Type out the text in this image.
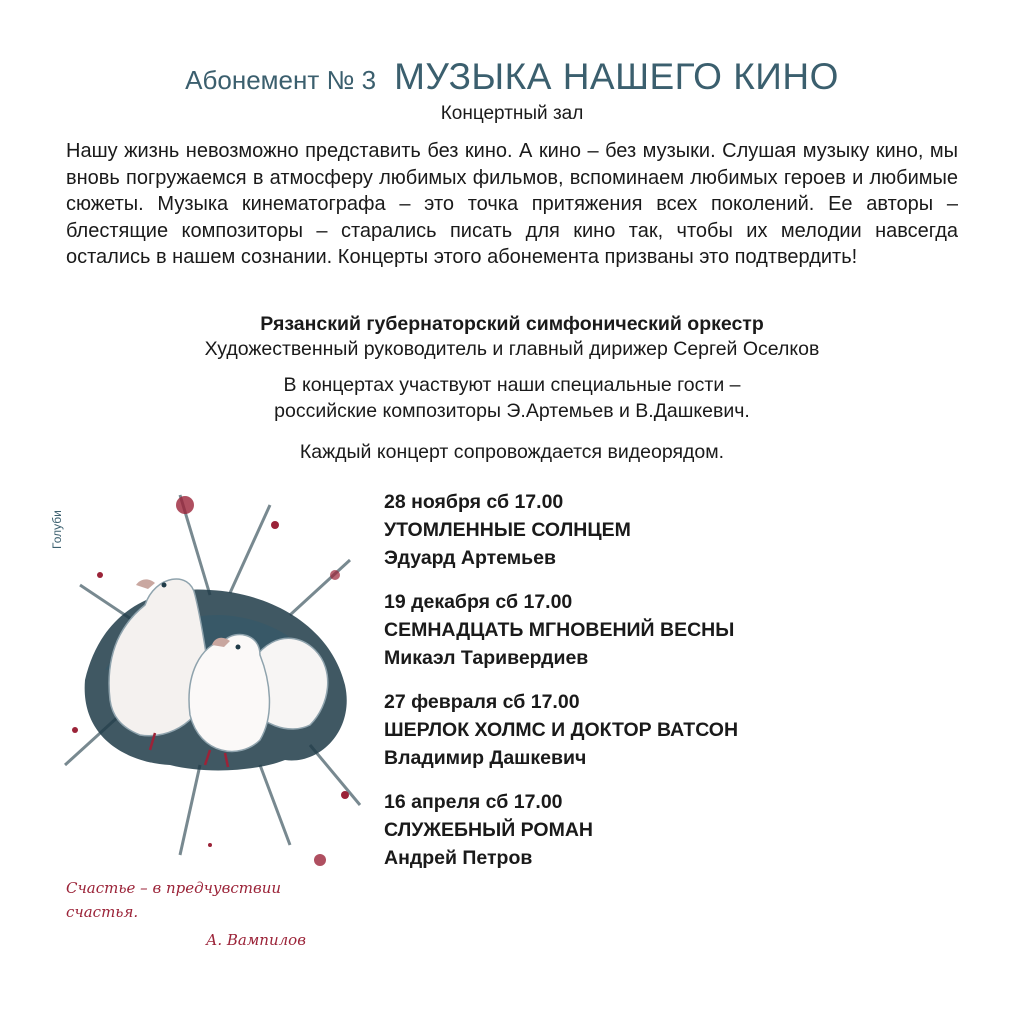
Абонемент № 3 МУЗЫКА НАШЕГО КИНО
Концертный зал

Нашу жизнь невозможно представить без кино. А кино – без музыки. Слушая музыку кино, мы вновь погружаемся в атмосферу любимых фильмов, вспоминаем любимых героев и любимые сюжеты. Музыка кинематографа – это точка притяжения всех поколений. Ее авторы – блестящие композиторы – старались писать для кино так, чтобы их мелодии навсегда остались в нашем сознании. Концерты этого абонемента призваны это подтвердить!

Рязанский губернаторский симфонический оркестр
Художественный руководитель и главный дирижер Сергей Оселков
В концертах участвуют наши специальные гости –
российские композиторы Э.Артемьев и В.Дашкевич.
Каждый концерт сопровождается видеорядом.
Голуби
28 ноября сб 17.00
УТОМЛЕННЫЕ СОЛНЦЕМ
Эдуард Артемьев
19 декабря сб 17.00
СЕМНАДЦАТЬ МГНОВЕНИЙ ВЕСНЫ
Микаэл Таривердиев
27 февраля сб 17.00
ШЕРЛОК ХОЛМС И ДОКТОР ВАТСОН
Владимир Дашкевич
16 апреля сб 17.00
СЛУЖЕБНЫЙ РОМАН
Андрей Петров
Счастье – в предчувствии
счастья.
А. Вампилов
